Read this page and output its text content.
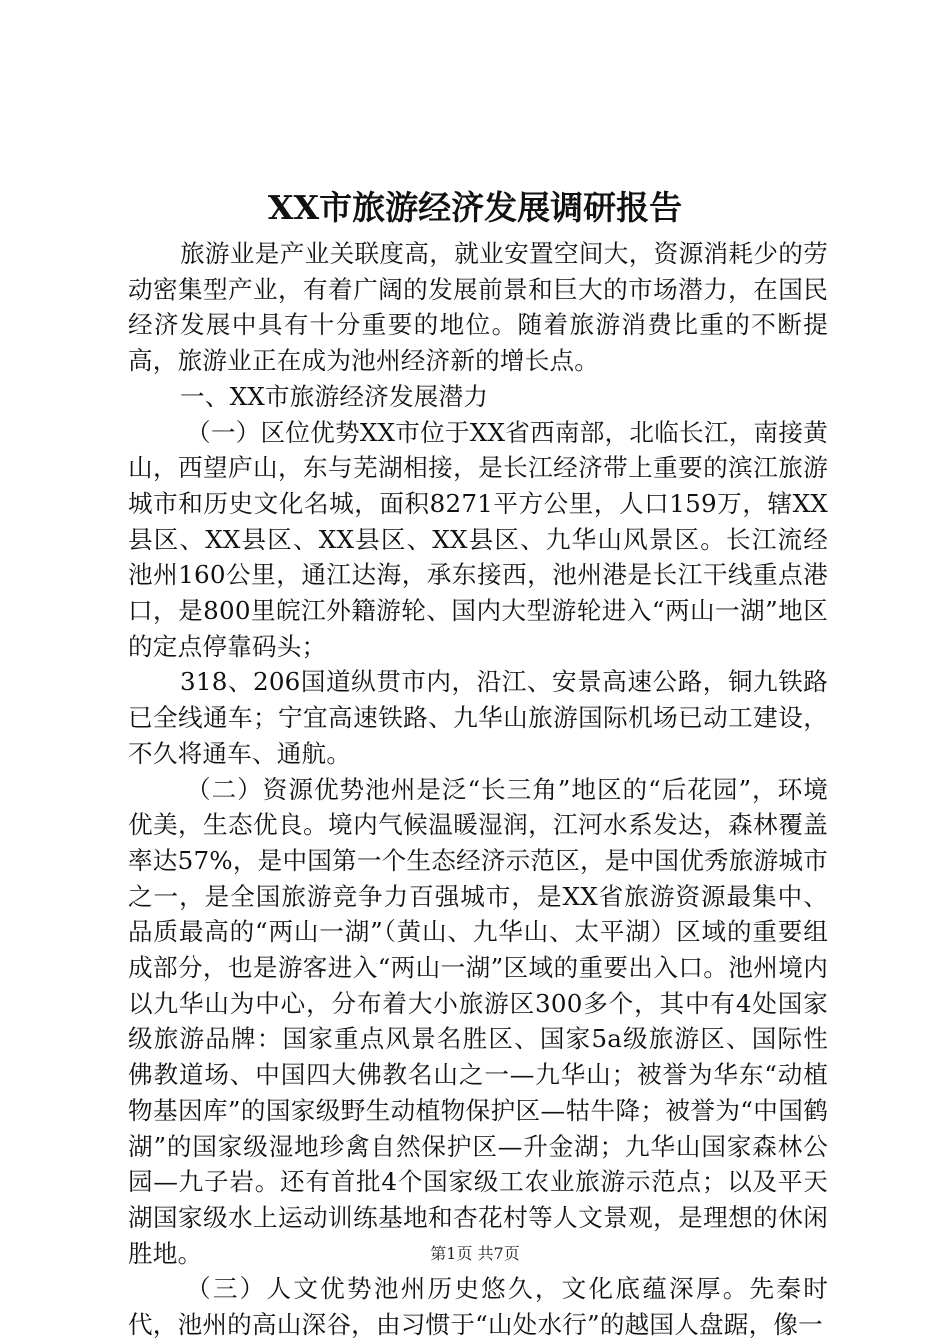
XX市旅游经济发展调研报告

旅游业是产业关联度高，就业安置空间大，资源消耗少的劳动密集型产业，有着广阔的发展前景和巨大的市场潜力，在国民经济发展中具有十分重要的地位。随着旅游消费比重的不断提高，旅游业正在成为池州经济新的增长点。

一、XX市旅游经济发展潜力

（一）区位优势XX市位于XX省西南部，北临长江，南接黄山，西望庐山，东与芜湖相接，是长江经济带上重要的滨江旅游城市和历史文化名城，面积8271平方公里，人口159万，辖XX县区、XX县区、XX县区、XX县区、九华山风景区。长江流经池州160公里，通江达海，承东接西，池州港是长江干线重点港口，是800里皖江外籍游轮、国内大型游轮进入“两山一湖”地区的定点停靠码头；

318、206国道纵贯市内，沿江、安景高速公路，铜九铁路已全线通车；宁宜高速铁路、九华山旅游国际机场已动工建设，不久将通车、通航。

（二）资源优势池州是泛“长三角”地区的“后花园”，环境优美，生态优良。境内气候温暖湿润，江河水系发达，森林覆盖率达57%，是中国第一个生态经济示范区，是中国优秀旅游城市之一，是全国旅游竞争力百强城市，是XX省旅游资源最集中、品质最高的“两山一湖”（黄山、九华山、太平湖）区域的重要组成部分，也是游客进入“两山一湖”区域的重要出入口。池州境内以九华山为中心，分布着大小旅游区300多个，其中有4处国家级旅游品牌：国家重点风景名胜区、国家5a级旅游区、国际性佛教道场、中国四大佛教名山之一—九华山；被誉为华东“动植物基因库”的国家级野生动植物保护区—牯牛降；被誉为“中国鹤湖”的国家级湿地珍禽自然保护区—升金湖；九华山国家森林公园—九子岩。还有首批4个国家级工农业旅游示范点；以及平天湖国家级水上运动训练基地和杏花村等人文景观，是理想的休闲胜地。

（三）人文优势池州历史悠久，文化底蕴深厚。先秦时代，池州的高山深谷，由习惯于“山处水行”的越国人盘踞，像一

第1页 共7页
